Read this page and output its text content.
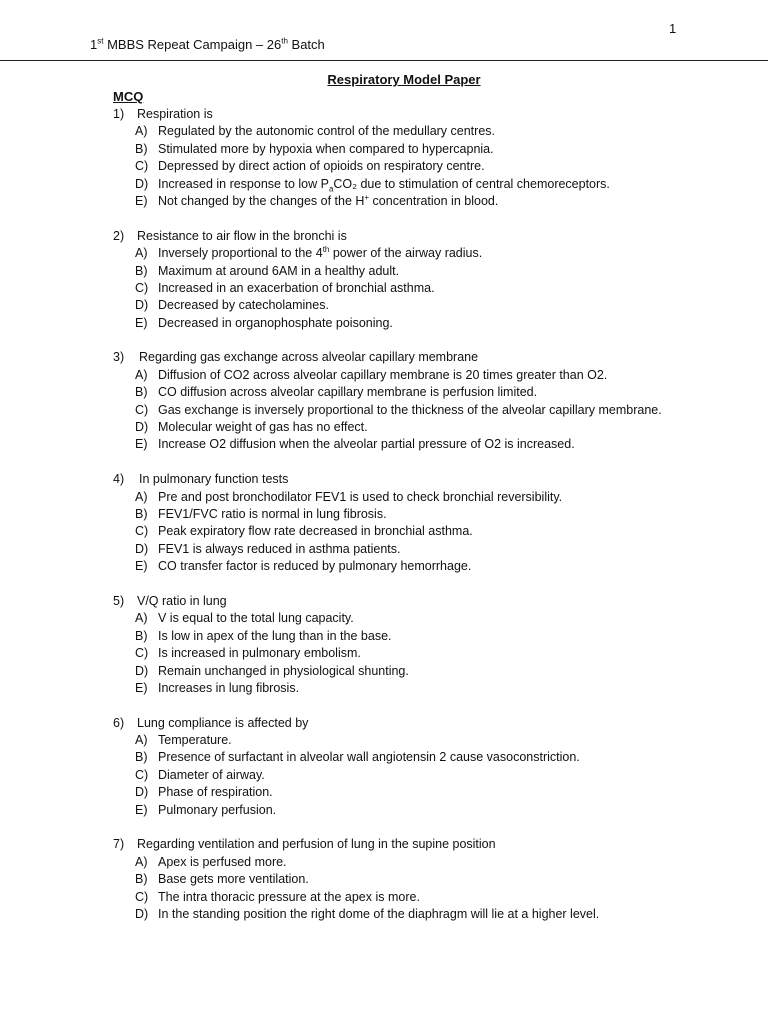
1
1st MBBS Repeat Campaign – 26th Batch
Respiratory Model Paper
MCQ
1) Respiration is
A) Regulated by the autonomic control of the medullary centres.
B) Stimulated more by hypoxia when compared to hypercapnia.
C) Depressed by direct action of opioids on respiratory centre.
D) Increased in response to low $P_aCO_2$ due to stimulation of central chemoreceptors.
E) Not changed by the changes of the H+ concentration in blood.
2) Resistance to air flow in the bronchi is
A) Inversely proportional to the 4th power of the airway radius.
B) Maximum at around 6AM in a healthy adult.
C) Increased in an exacerbation of bronchial asthma.
D) Decreased by catecholamines.
E) Decreased in organophosphate poisoning.
3) Regarding gas exchange across alveolar capillary membrane
A) Diffusion of CO2 across alveolar capillary membrane is 20 times greater than O2.
B) CO diffusion across alveolar capillary membrane is perfusion limited.
C) Gas exchange is inversely proportional to the thickness of the alveolar capillary membrane.
D) Molecular weight of gas has no effect.
E) Increase O2 diffusion when the alveolar partial pressure of O2 is increased.
4) In pulmonary function tests
A) Pre and post bronchodilator FEV1 is used to check bronchial reversibility.
B) FEV1/FVC ratio is normal in lung fibrosis.
C) Peak expiratory flow rate decreased in bronchial asthma.
D) FEV1 is always reduced in asthma patients.
E) CO transfer factor is reduced by pulmonary hemorrhage.
5) V/Q ratio in lung
A) V is equal to the total lung capacity.
B) Is low in apex of the lung than in the base.
C) Is increased in pulmonary embolism.
D) Remain unchanged in physiological shunting.
E) Increases in lung fibrosis.
6) Lung compliance is affected by
A) Temperature.
B) Presence of surfactant in alveolar wall angiotensin 2 cause vasoconstriction.
C) Diameter of airway.
D) Phase of respiration.
E) Pulmonary perfusion.
7) Regarding ventilation and perfusion of lung in the supine position
A) Apex is perfused more.
B) Base gets more ventilation.
C) The intra thoracic pressure at the apex is more.
D) In the standing position the right dome of the diaphragm will lie at a higher level.
